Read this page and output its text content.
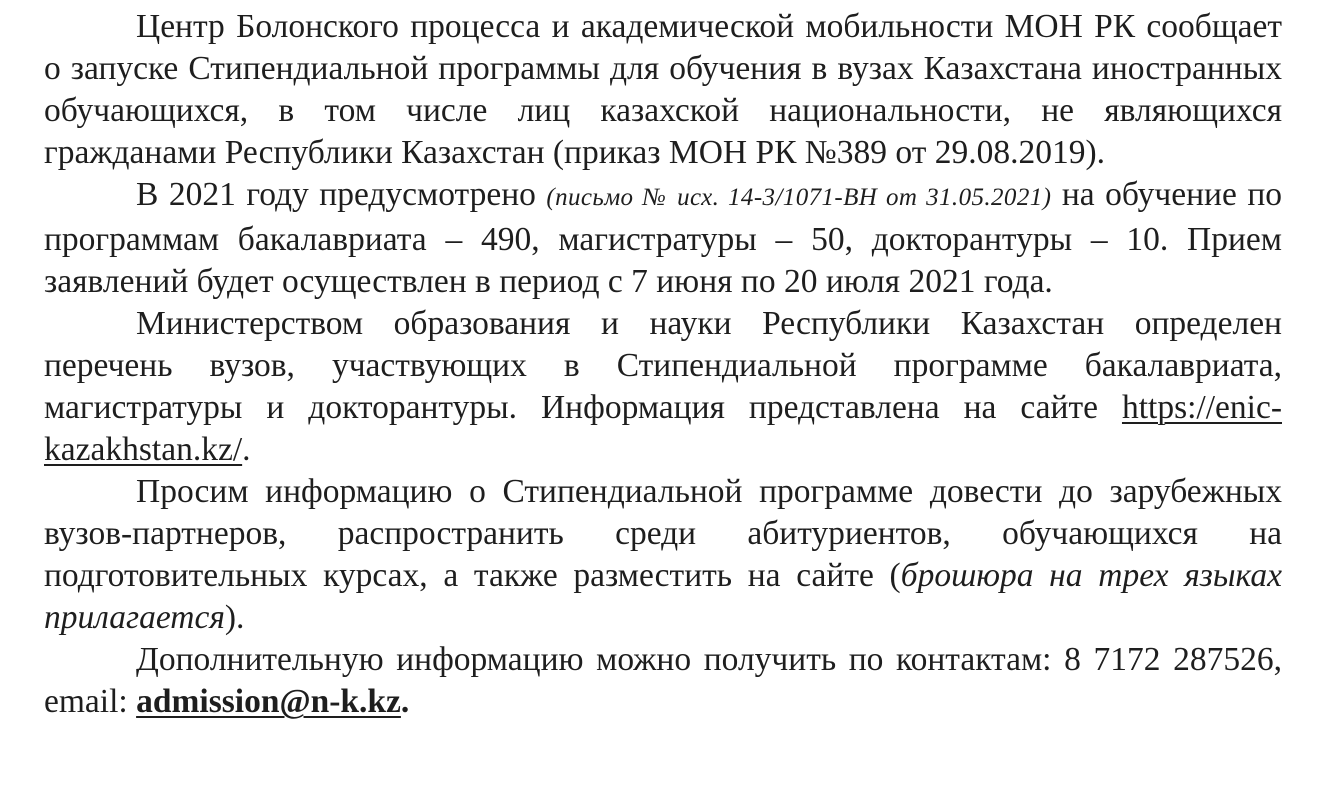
Центр Болонского процесса и академической мобильности МОН РК сообщает о запуске Стипендиальной программы для обучения в вузах Казахстана иностранных обучающихся, в том числе лиц казахской национальности, не являющихся гражданами Республики Казахстан (приказ МОН РК №389 от 29.08.2019).

В 2021 году предусмотрено (письмо № исх. 14-3/1071-ВН от 31.05.2021) на обучение по программам бакалавриата – 490, магистратуры – 50, докторантуры – 10. Прием заявлений будет осуществлен в период с 7 июня по 20 июля 2021 года.

Министерством образования и науки Республики Казахстан определен перечень вузов, участвующих в Стипендиальной программе бакалавриата, магистратуры и докторантуры. Информация представлена на сайте https://enic-kazakhstan.kz/.

Просим информацию о Стипендиальной программе довести до зарубежных вузов-партнеров, распространить среди абитуриентов, обучающихся на подготовительных курсах, а также разместить на сайте (брошюра на трех языках прилагается).

Дополнительную информацию можно получить по контактам: 8 7172 287526, email: admission@n-k.kz.
